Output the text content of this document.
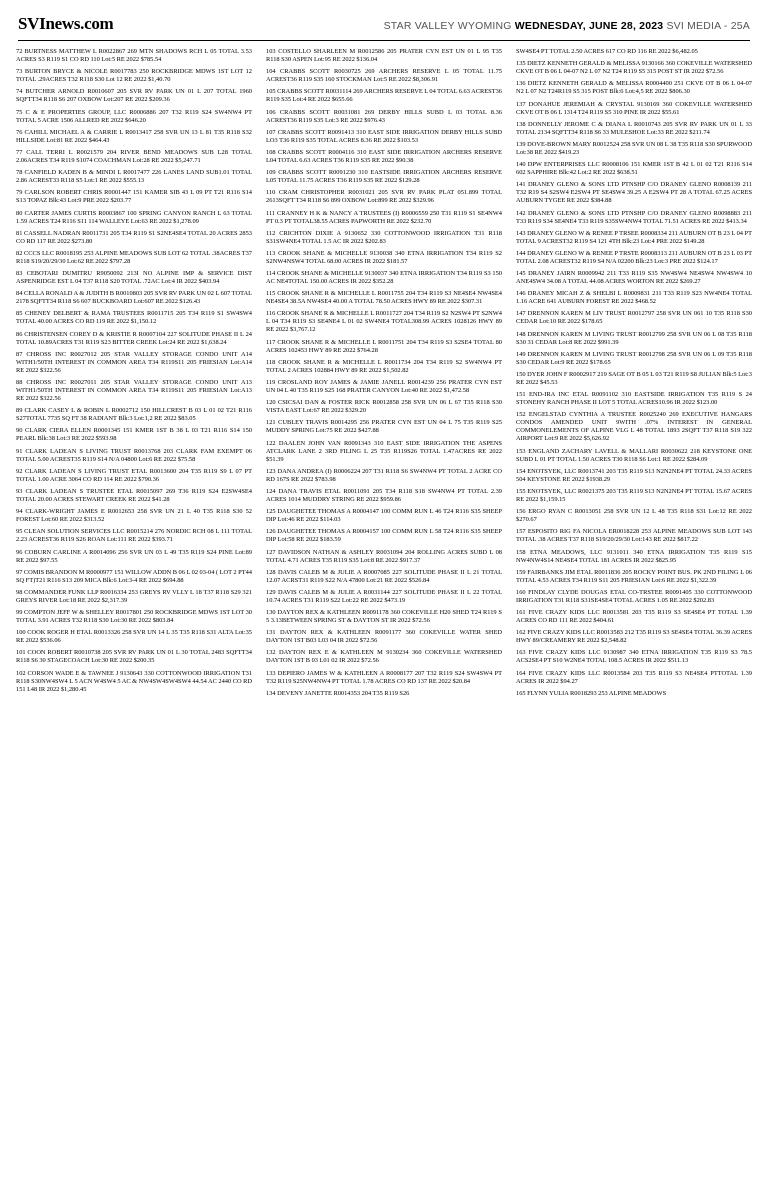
SVInews.com	STAR VALLEY WYOMING WEDNESDAY, JUNE 28, 2023 SVI MEDIA - 25A

72 BURTNESS MATTHEW L R0022867 269 MTN SHADOWS RCH L 05 TOTAL 3.53 ACRES S3 R119 S1 CO RD 110 Lot:5 RE 2022 $785.54

73 BURTON BRYCE & NICOLE R0017783 250 ROCKBRIDGE MDWS 1ST LOT 12 TOTAL .29ACRES T32 R118 S30 Lot 12 RE 2022 $1,40.70

74 BUTCHER ARNOLD R0010607 205 SVR RV PARK UN 01 L 207 TOTAL 1960 SQFTT34 R118 S6 207 OXBOW Lot:207 RE 2022 $209.36

75 C & E PROPERTIES GROUP, LLC R0006886 207 T32 R119 S24 SW4NW4 PT TOTAL 5 ACRE 1506 ALLRED RE 2022 $646.20

76 CAHILL MICHAEL A & CARRIE L R0013417 258 SVR UN 13 L 81 T35 R118 S32 HILLSIDE Lot:81 RE 2022 $464.43

77 CALL TERRI L R0021579 204 RIVER BEND MEADOWS SUB L28 TOTAL 2.06ACRES T34 R119 S1074 COACHMAN Lot:28 RE 2022 $5,247.71

78 CANFIELD KADEN B & MINDI L R0017477 226 LANES LAND SUB1.01 TOTAL 2.86 ACREST33 R118 S5 Lot:1 RE 2022 $555.13

79 CARLSON ROBERT CHRIS R0001447 151 KAMER SIB 43 L 09 PT T21 R116 S14 S13 TOPAZ Blk:43 Lot:9 PRE 2022 $203.77

80 CARTER JAMES CURTIS R0003867 100 SPRING CANYON RANCH L 63 TOTAL 1.59 ACRES T24 R116 S11 114 WALLEYE Lot:63 RE 2022 $1,278.09

81 CASSELL NADRAN R0011731 205 T34 R119 S1 S2NE4SE4 TOTAL 20 ACRES 2853 CO RD 117 RE 2022 $273.80

82 CCCS LLC R0018195 253 ALPINE MEADOWS SUB LOT 62 TOTAL .38ACRES T37 R118 S19/20/29/30 Lot:62 RE 2022 $797.28

83 CEBOTARI DUMITRU R9050092 213I NO ALPINE IMP & SERVICE DIST ASPENRIDGE EST L 04 T37 R118 S20 TOTAL .72AC Lot:4 IR 2022 $403.94

84 CELLA RONALD A & JUDITH B R0010803 205 SVR RV PARK UN 02 L 607 TOTAL 2178 SQFTT34 R118 S6 607 BUCKBOARD Lot:607 RE 2022 $126.43

85 CHENEY DELBERT & RAMA TRUSTEES R0011715 205 T34 R119 S1 SW4SW4 TOTAL 40.00 ACRES CO RD 119 RE 2022 $1,150.12

86 CHRISTENSEN COREY D & KRISTIE R R0007104 227 SOLITUDE PHASE II L 24 TOTAL 10.89ACRES T31 R119 S23 BITTER CREEK Lot:24 RE 2022 $1,638.24

87 CHROSS INC R0027012 205 STAR VALLEY STORAGE CONDO UNIT A14 WITH1/50TH INTEREST IN COMMON AREA T34 R119S11 205 FRIESIAN Lot:A14 RE 2022 $322.56

88 CHROSS INC R0027011 205 STAR VALLEY STORAGE CONDO UNIT A13 WITH1/50TH INTEREST IN COMMON AREA T34 R119S11 205 FRIESIAN Lot:A13 RE 2022 $322.56

89 CLARK CASEY L & ROBIN L R0002712 150 HILLCREST B 03 L 01 02 T21 R116 S27TOTAL 7735 SQ FT 38 RADIANT Blk:3 Lot:1,2 RE 2022 $83.05

90 CLARK CIERA ELLEN R0001345 151 KMER 1ST B 38 L 03 T21 R116 S14 150 PEARL Blk:38 Lot:3 RE 2022 $593.98

91 CLARK LADEAN S LIVING TRUST R0013768 203 CLARK FAM EXEMPT 06 TOTAL 5.00 ACREST35 R119 S14 N/A 04800 Lot:6 RE 2022 $75.58

92 CLARK LADEAN S LIVING TRUST ETAL R0013600 204 T35 R119 S9 L 07 PT TOTAL 1.00 ACRE 3064 CO RD 114 RE 2022 $790.36

93 CLARK LADEAN S TRUSTEE ETAL R0015097 269 T36 R119 S24 E2SW4SE4 TOTAL 20.00 ACRES STEWART CREEK RE 2022 $41.28

94 CLARK-WRIGHT JAMES E R0012653 258 SVR UN 21 L 40 T35 R118 S30 52 FOREST Lot:60 RE 2022 $313.52

95 CLEAN SOLUTION SERVICES LLC R0015214 276 NORDIC RCH 08 L 111 TOTAL 2.23 ACREST36 R119 S26 ROAN Lot:111 RE 2022 $393.71

96 COBURN CARLINE A R0014096 256 SVR UN 03 L 49 T35 R119 S24 PINE Lot:89 RE 2022 $97.55

97 COMIS BRANDON M R0000977 151 WILLOW ADDN B 06 L 02 03-04 ( LOT 2 PT44 SQ FT)T21 R116 S13 209 MICA Blk:6 Lot:3-4 RE 2022 $694.88

98 COMMANDER FUNK LLP R0016334 253 GREYS RV VLLY L 18 T37 R118 S29 321 GREYS RIVER Lot:18 RE 2022 $2,317.39

99 COMPTON JEFF W & SHELLEY R0017801 250 ROCKBRIDGE MDWS 1ST LOT 30 TOTAL 3.91 ACRES T32 R118 S30 Lot:30 RE 2022 $803.84

100 COOK ROGER H ETAL R0013326 258 SVR UN 14 L 35 T35 R118 S31 ALTA Lot:35 RE 2022 $536.06

101 COON ROBERT R0010738 205 SVR RV PARK UN 01 L 30 TOTAL 2483 SQFTT34 R118 S6 30 STAGECOACH Lot:30 RE 2022 $200.35

102 CORSON WADE E & TAWNEE J 9130643 330 COTTONWOOD IRRIGATION T31 R118 S30NW4SW4 L 5 ACN W4SW4 5 AC & NW4SW4SW4SW4 44.54 AC 2440 CO RD 151 I.48 IR 2022 $1,280.45

103 COSTELLO SHARLEEN M R0012586 205 PRATER CYN EST UN 01 L 95 T35 R118 S30 ASPEN Lot:95 RE 2022 $136.04

104 CRABBS SCOTT R0030725 269 ARCHERS RESERVE L 05 TOTAL 11.75 ACREST36 R119 S35 160 STOCKMAN Lot:5 RE 2022 $8,306.91

105 CRABBS SCOTT R0031114 269 ARCHERS RESERVE L 04 TOTAL 6.63 ACREST36 R119 S35 Lot:4 RE 2022 $655.66

106 CRABBS SCOTT R0031081 269 DERBY HILLS SUBD L 03 TOTAL 8.36 ACREST36 R119 S35 Lot:3 RE 2022 $976.43

107 CRABBS SCOTT R0091413 310 EAST SIDE IRRIGATION DERBY HILLS SUBD LO3 T36 R119 S35 TOTAL ACRES 8.36 RE 2022 $103.53

108 CRABBS SCOTT R0004116 310 EAST SIDE IRRIGATION ARCHERS RESERVE L04 TOTAL 6.63 ACRES T36 R119 S35 RE 2022 $90.38

109 CRABBS SCOTT R0091230 310 EASTSIDE IRRIGATION ARCHERS RESERVE L05 TOTAL 11.75 ACRES T36 R119 S35 RE 2022 $129.28

110 CRAM CHRISTOPHER R0031021 205 SVR RV PARK PLAT 051.899 TOTAL 2613SQFT T34 R118 S6 899 OXBOW Lot:899 RE 2022 $329.96

111 CRANNEY H K & NANCY A TRUSTEES (I) R0006559 250 T31 R119 S1 SE4NW4 PT 0.3 PT TOTAL38.55 ACRES PAPWORTH RE 2022 $232.70

112 CRICHTON DIXIE A 9130652 330 COTTONWOOD IRRIGATION T31 R118 S31SW4NE4 TOTAL 1.5 AC IR 2022 $202.83

113 CROOK SHANE & MICHELLE 9130038 340 ETNA IRRIGATION T34 R119 S2 S2NW4NSW4 TOTAL 68.00 ACRES IR 2022 $181.57

114 CROOK SHANE & MICHELLE 9130037 340 ETNA IRRIGATION T34 R119 S3 150 AC NE4TOTAL 150.00 ACRES IR 2022 $352.28

115 CROOK SHANE R & MICHELLE L R0011755 204 T34 R119 S3 NE4SE4 NW4SE4 NE4SE4 38.5A NW4SE4 40.00 A TOTAL 78.50 ACRES HWY 89 RE 2022 $307.31

116 CROOK SHANE R & MICHELLE L R0011727 204 T34 R119 S2 N2SW4 PT S2NW4 L 04 T34 R119 S3 SE4NE4 L 01 02 SW4NE4 TOTAL308.99 ACRES 1028126 HWY 89 RE 2022 $3,767.12

117 CROOK SHANE R & MICHELLE L R0011751 204 T34 R119 S3 S2SE4 TOTAL 80 ACRES 102453 HWY 89 RE 2022 $764.28

118 CROOK SHANE R & MICHELLE L R0011734 204 T34 R119 S2 SW4NW4 PT TOTAL 2 ACRES 102884 HWY 89 RE 2022 $1,502.82

119 CROSLAND ROY JAMES & JAMIE JANELL R0014239 256 PRATER CYN EST UN 04 L 40 T35 R119 S25 168 PRATER CANYON Lot:40 RE 2022 $1,472.58

120 CSICSAI DAN & FOSTER RICK R0012858 258 SVR UN 06 L 67 T35 R118 S30 VISTA EAST Lot:67 RE 2022 $329.20

121 CUBLEY TRAVIS R0014295 256 PRATER CYN EST UN 04 L 75 T35 R119 S25 MUDDY SPRING Lot:75 RE 2022 $427.88

122 DAALEN JOHN VAN R0091343 310 EAST SIDE IRRIGATION THE ASPENS ATCLARK LANE 2 3RD FILING L 25 T35 R119S26 TOTAL 1.47ACRES RE 2022 $51.39

123 DANA ANDREA (I) R0006224 207 T31 R118 S6 SW4NW4 PT TOTAL 2 ACRE CO RD 167S RE 2022 $783.98

124 DANA TRAVIS ETAL R0011091 205 T34 R118 S18 SW4NW4 PT TOTAL 2.39 ACRES 1014 MUDDRY STRING RE 2022 $959.86

125 DAUGHETEE THOMAS A R0004147 100 COMM RUN L 46 T24 R116 S35 SHEEP DIP Lot:46 RE 2022 $114.03

126 DAUGHETEE THOMAS A R0004157 100 COMM RUN L 58 T24 R116 S35 SHEEP DIP Lot:58 RE 2022 $183.59

127 DAVIDSON NATHAN & ASHLEY R0031094 204 ROLLING ACRES SUBD L 08 TOTAL 4.71 ACRES T35 R119 S35 Lot:8 RE 2022 $917.37

128 DAVIS CALEB M & JULIE A R0007085 227 SOLITUDE PHASE II L 21 TOTAL 12.07 ACRST31 R119 S22 N/A 47800 Lot:21 RE 2022 $526.84

129 DAVIS CALEB M & JULIE A R0031144 227 SOLITUDE PHASE II L 22 TOTAL 10.74 ACRES T31 R119 S22 Lot:22 RE 2022 $473.19

130 DAYTON REX & KATHLEEN R0091178 360 COKEVILLE H20 SHED T24 R119 S 5 3.13BETWEEN SPRING ST & DAYTON ST IR 2022 $72.56

131 DAYTON REX & KATHLEEN R0091177 360 COKEVILLE WATER SHED DAYTON 1ST B03 L03 04 IR 2022 $72.56

132 DAYTON REX E & KATHLEEN M 9130234 360 COKEVILLE WATERSHED DAYTON 1ST B 03 L01 02 IR 2022 $72.56

133 DEPIERO JAMES W & KATHLEEN A R0008177 207 T32 R119 S24 SW4SW4 PT T32 R119 S25NW4NW4 PT TOTAL 1.78 ACRES CO RD 137 RE 2022 $20.84

134 DEVENY JANETTE R0014353 204 T35 R119 S26

SW4SE4 PT TOTAL 2.50 ACRES 617 CO RD 116 RE 2022 $6,482.05

135 DIETZ KENNETH GERALD & MELISSA 9130166 360 COKEVILLE WATERSHED CKVE OT B 06 L 04-07 N2 L 07 N2 T24 R119 S5 315 POST ST IR 2022 $72.56

136 DIETZ KENNETH GERALD & MELISSA R0004400 251 CKVE OT B 06 L 04-07 N2 L 07 N2 T24R119 S5 315 POST Blk:6 Lot:4,5 RE 2022 $806.30

137 DONAHUE JEREMIAH & CRYSTAL 9130169 360 COKEVILLE WATERSHED CKVE OT B 06 L 1314 T24 R119 S5 310 PINE IR 2022 $55.61

138 DONNELLY JEROME C & DIANA L R0010743 205 SVR RV PARK UN 01 L 33 TOTAL 2134 SQFTT34 R118 S6 33 MULESHOE Lot:33 RE 2022 $211.74

139 DOVE-BROWN MARY R0012524 258 SVR UN 08 L 38 T35 R118 S30 SPURWOOD Lot:38 RE 2022 $419.23

140 DPW ENTERPRISES LLC R0008106 151 KMER 1ST B 42 L 01 02 T21 R116 S14 602 SAPPHIRE Blk:42 Lot:2 RE 2022 $638.51

141 DRANEY GLENO & SONS LTD PTNSHP C/O DRANEY GLENO R0008139 211 T32 R19 S4 S2SW4 E2SW4 PT SE4SW4 39.25 A E2SW4 PT 28 A TOTAL 67.25 ACRES AUBURN TYGEE RE 2022 $384.88

142 DRANEY GLENO & SONS LTD PTNSHP C/O DRANEY GLENO R0098883 211 T33 R119 S34 SE4NE4 T33 R119 S35SW4NW4 TOTAL 71.51 ACRES RE 2022 $413.34

143 DRANEY GLENO W & RENEE P TRSEE R0008334 211 AUBURN OT B 23 L 04 PT TOTAL 9 ACREST32 R119 S4 121 4TH Blk:23 Lot:4 PRE 2022 $149.28

144 DRANEY GLENO W & RENEE P TRSTE R0008313 211 AUBURN OT B 23 L 03 PT TOTAL 2.08 ACREST32 R119 S4 N/A 02200 Blk:23 Lot:3 PRE 2022 $124.17

145 DRANEY JAIRN R0009942 211 T33 R119 S35 NW4SW4 NE4SW4 NW4SW4 10 ANE4SW4 34.08 A TOTAL 44.08 ACRES WORTON RE 2022 $269.27

146 DRANEY MICAH Z & SHELBI L R0009831 211 T33 R119 S23 NW4NE4 TOTAL 1.16 ACRE 641 AUBURN FOREST RE 2022 $468.52

147 DRENNON KAREN M LIV TRUST R0012797 258 SVR UN 061 10 T35 R118 S30 CEDAR Lot:10 RE 2022 $178.65

148 DRENNON KAREN M LIVING TRUST R0012799 258 SVR UN 06 L 08 T35 R118 S30 31 CEDAR Lot:8 RE 2022 $991.39

149 DRENNON KAREN M LIVING TRUST R0012798 258 SVR UN 06 L 09 T35 R118 S30 CEDAR Lot:9 RE 2022 $178.65

150 DYER JOHN F R0002917 219 SAGE OT B 05 L 03 T21 R119 S8 JULIAN Blk:5 Lot:3 RE 2022 $45.53

151 END-IRA INC ETAL R0091102 310 EASTSIDE IRRIGATION T35 R119 S 24 STONEHY RANCH PHASE II LOT 5 TOTAL ACRES10.96 IR 2022 $123.00

152 ENGELSTAD CYNTHIA A TRUSTEE R0025240 269 EXECUTIVE HANGARS CONDOS AMENDED UNIT 9WITH .07% INTEREST IN GENERAL COMMONELEMENTS OF ALPINE VLG L 48 TOTAL 1893 2SQFT T37 R118 S19 322 AIRPORT Lot:9 RE 2022 $5,626.92

153 ENGLAND ZACHARY LAVELL & MALLARI R0030622 218 KEYSTONE ONE SUBD L 01 PT TOTAL 1.50 ACRES T30 R118 S6 Lot:1 RE 2022 $284.09

154 ENOTSYEK, LLC R0013741 203 T35 R119 S13 N2N2NE4 PT TOTAL 24.33 ACRES 504 KEYSTONE RE 2022 $1938.29

155 ENOTSYEK, LLC R0021375 203 T35 R119 S13 N2N2NE4 PT TOTAL 15.67 ACRES RE 2022 $1,159.15

156 ERGO RYAN C R0013051 258 SVR UN 12 L 48 T35 R118 S31 Lot:12 RE 2022 $270.67

157 ESPOSITO RIG FA NICOLA ER0018228 253 ALPINE MEADOWS SUB LOT 143 TOTAL .38 ACRES T37 R118 S19/20/29/30 Lot:143 RE 2022 $817.22

158 ETNA MEADOWS, LLC 9131011 340 ETNA IRRIGATION T35 R119 S15 NW4NW4S14 NE4SE4 TOTAL 181 ACRES IR 2022 $825.95

159 FAIRBANKS JIM ETAL R0011836 205 ROCKY POINT BUS. PK 2ND FILING L 06 TOTAL 4.53 ACRES T34 R119 S11 205 FRIESIAN Lot:6 RE 2022 $1,322.39

160 FINDLAY CLYDE DOUGAS ETAL CO-TRSTEE R0091405 330 COTTONWOOD IRRIGATION T31 R118 S31SE4SE4 TOTAL ACRES 1.05 RE 2022 $202.83

161 FIVE CRAZY KIDS LLC R0013581 203 T35 R119 S3 SE4SE4 PT TOTAL 1.39 ACRES CO RD 111 RE 2022 $404.61

162 FIVE CRAZY KIDS LLC R0013583 212 T35 R119 S3 SE4SE4 TOTAL 36.39 ACRES HWY 89/CREAMERY RE 2022 $2,548.82

163 FIVE CRAZY KIDS LLC 9130987 340 ETNA IRRIGATION T35 R119 S3 78.5 ACS2SE4 PT S10 W2NE4 TOTAL 108.5 ACRES IR 2022 $511.13

164 FIVE CRAZY KIDS LLC R0013584 203 T35 R119 S3 NE4SE4 PTTOTAL 1.39 ACRES IR 2022 $94.27

165 FLYNN YULIA R0018293 253 ALPINE MEADOWS
